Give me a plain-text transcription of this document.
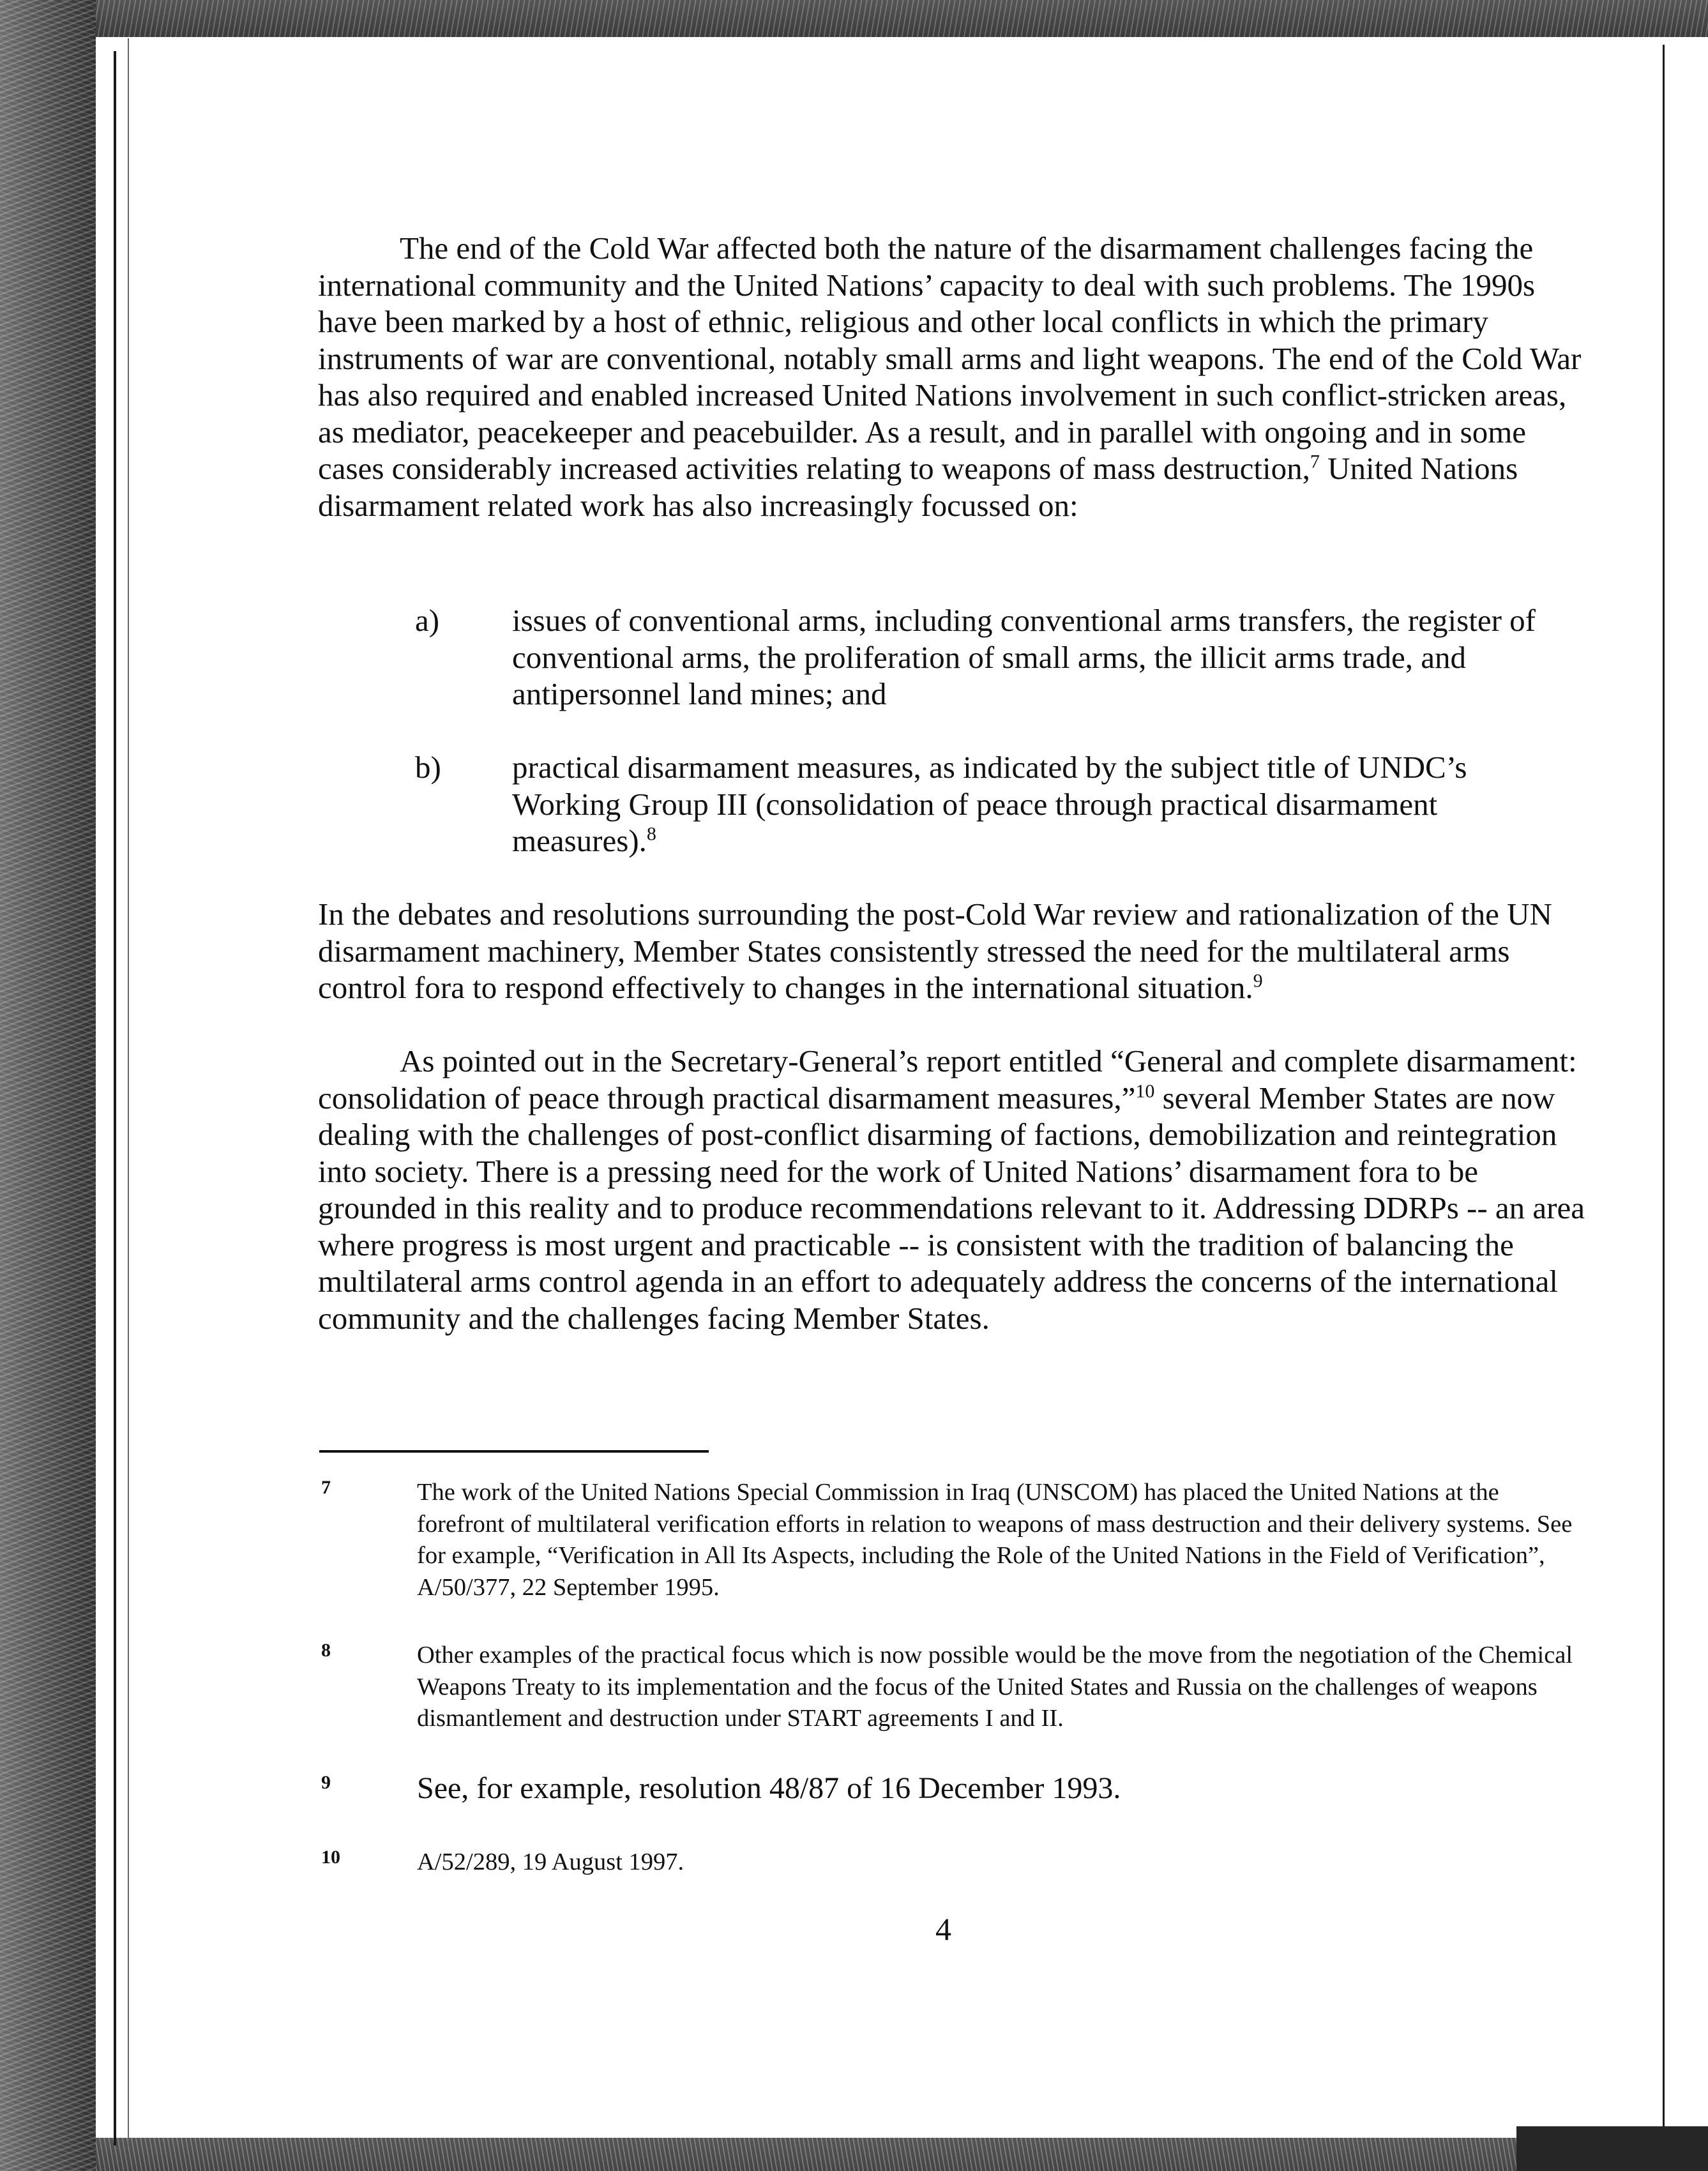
The end of the Cold War affected both the nature of the disarmament challenges facing the international community and the United Nations’ capacity to deal with such problems. The 1990s have been marked by a host of ethnic, religious and other local conflicts in which the primary instruments of war are conventional, notably small arms and light weapons. The end of the Cold War has also required and enabled increased United Nations involvement in such conflict-stricken areas, as mediator, peacekeeper and peacebuilder. As a result, and in parallel with ongoing and in some cases considerably increased activities relating to weapons of mass destruction,$^7$ United Nations disarmament related work has also increasingly focussed on:

a) issues of conventional arms, including conventional arms transfers, the register of conventional arms, the proliferation of small arms, the illicit arms trade, and antipersonnel land mines; and
b) practical disarmament measures, as indicated by the subject title of UNDC’s Working Group III (consolidation of peace through practical disarmament measures).$^8$

In the debates and resolutions surrounding the post-Cold War review and rationalization of the UN disarmament machinery, Member States consistently stressed the need for the multilateral arms control fora to respond effectively to changes in the international situation.$^9$

As pointed out in the Secretary-General’s report entitled “General and complete disarmament: consolidation of peace through practical disarmament measures,”$^{10}$ several Member States are now dealing with the challenges of post-conflict disarming of factions, demobilization and reintegration into society. There is a pressing need for the work of United Nations’ disarmament fora to be grounded in this reality and to produce recommendations relevant to it. Addressing DDRPs -- an area where progress is most urgent and practicable -- is consistent with the tradition of balancing the multilateral arms control agenda in an effort to adequately address the concerns of the international community and the challenges facing Member States.

7	The work of the United Nations Special Commission in Iraq (UNSCOM) has placed the United Nations at the forefront of multilateral verification efforts in relation to weapons of mass destruction and their delivery systems. See for example, “Verification in All Its Aspects, including the Role of the United Nations in the Field of Verification”, A/50/377, 22 September 1995.
8	Other examples of the practical focus which is now possible would be the move from the negotiation of the Chemical Weapons Treaty to its implementation and the focus of the United States and Russia on the challenges of weapons dismantlement and destruction under START agreements I and II.
9	See, for example, resolution 48/87 of 16 December 1993.
10	A/52/289, 19 August 1997.
4
